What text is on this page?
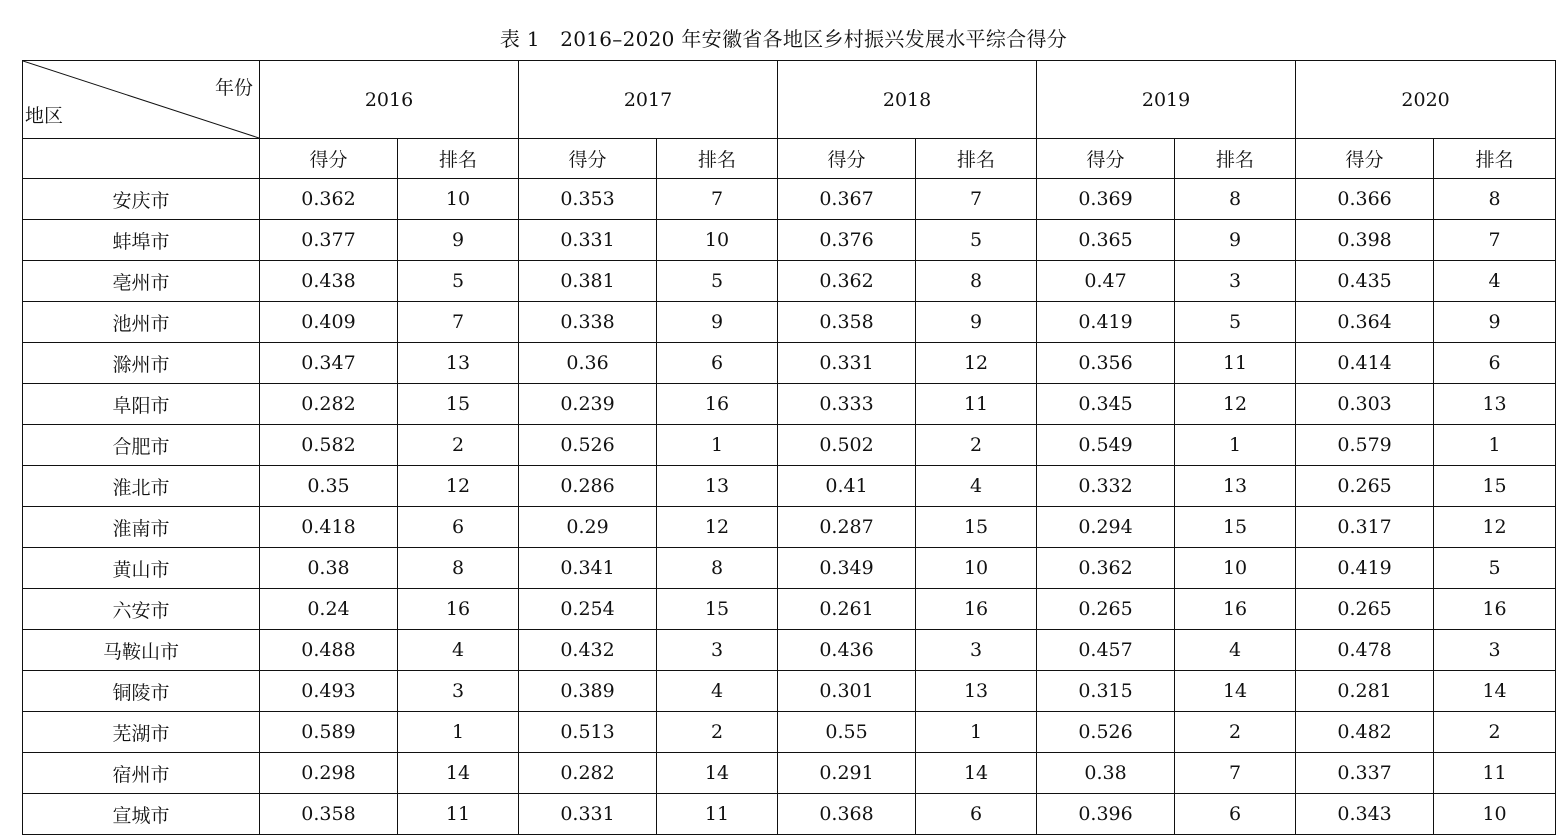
表 1　2016–2020 年安徽省各地区乡村振兴发展水平综合得分
年份
地区	2016		2017		2018		2019		2020	
	得分	排名	得分	排名	得分	排名	得分	排名	得分	排名
安庆市	0.362	10	0.353	7	0.367	7	0.369	8	0.366	8
蚌埠市	0.377	9	0.331	10	0.376	5	0.365	9	0.398	7
亳州市	0.438	5	0.381	5	0.362	8	0.47	3	0.435	4
池州市	0.409	7	0.338	9	0.358	9	0.419	5	0.364	9
滁州市	0.347	13	0.36	6	0.331	12	0.356	11	0.414	6
阜阳市	0.282	15	0.239	16	0.333	11	0.345	12	0.303	13
合肥市	0.582	2	0.526	1	0.502	2	0.549	1	0.579	1
淮北市	0.35	12	0.286	13	0.41	4	0.332	13	0.265	15
淮南市	0.418	6	0.29	12	0.287	15	0.294	15	0.317	12
黄山市	0.38	8	0.341	8	0.349	10	0.362	10	0.419	5
六安市	0.24	16	0.254	15	0.261	16	0.265	16	0.265	16
马鞍山市	0.488	4	0.432	3	0.436	3	0.457	4	0.478	3
铜陵市	0.493	3	0.389	4	0.301	13	0.315	14	0.281	14
芜湖市	0.589	1	0.513	2	0.55	1	0.526	2	0.482	2
宿州市	0.298	14	0.282	14	0.291	14	0.38	7	0.337	11
宣城市	0.358	11	0.331	11	0.368	6	0.396	6	0.343	10
